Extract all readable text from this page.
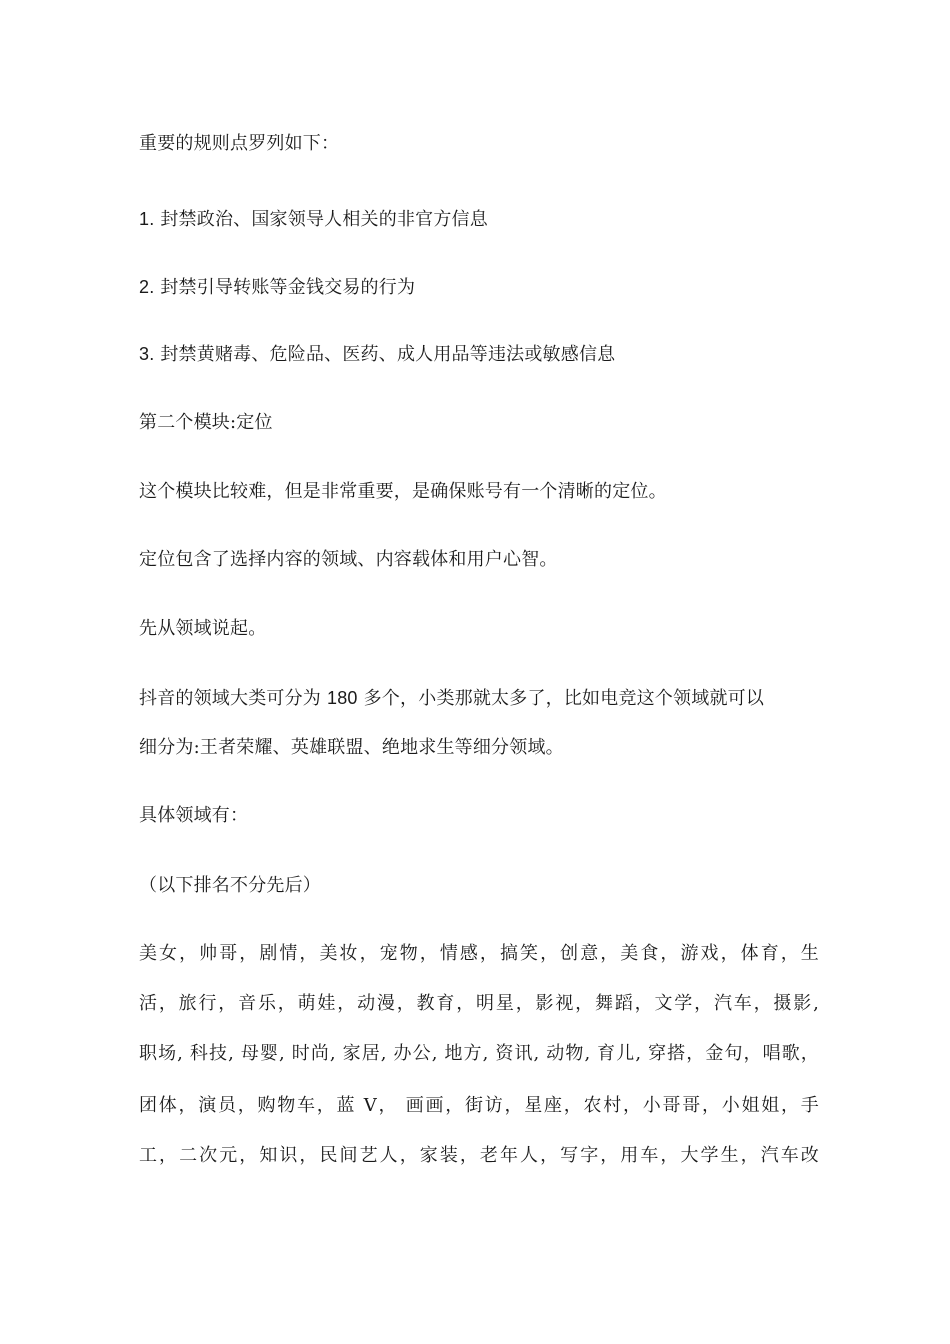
重要的规则点罗列如下：
1. 封禁政治、国家领导人相关的非官方信息
2. 封禁引导转账等金钱交易的行为
3. 封禁黄赌毒、危险品、医药、成人用品等违法或敏感信息
第二个模块:定位
这个模块比较难，但是非常重要，是确保账号有一个清晰的定位。
定位包含了选择内容的领域、内容载体和用户心智。
先从领域说起。
抖音的领域大类可分为 180 多个，小类那就太多了，比如电竞这个领域就可以
细分为:王者荣耀、英雄联盟、绝地求生等细分领域。
具体领域有：
（以下排名不分先后）
美女，帅哥，剧情，美妆，宠物，情感，搞笑，创意，美食，游戏，体育，生
活，旅行，音乐，萌娃，动漫，教育，明星，影视，舞蹈，文学，汽车，摄影,
职场, 科技, 母婴, 时尚, 家居, 办公, 地方, 资讯, 动物, 育儿, 穿搭，金句，唱歌，
团体，演员，购物车，蓝 V， 画画，街访，星座，农村，小哥哥，小姐姐，手
工，二次元，知识，民间艺人，家装，老年人，写字，用车，大学生，汽车改
